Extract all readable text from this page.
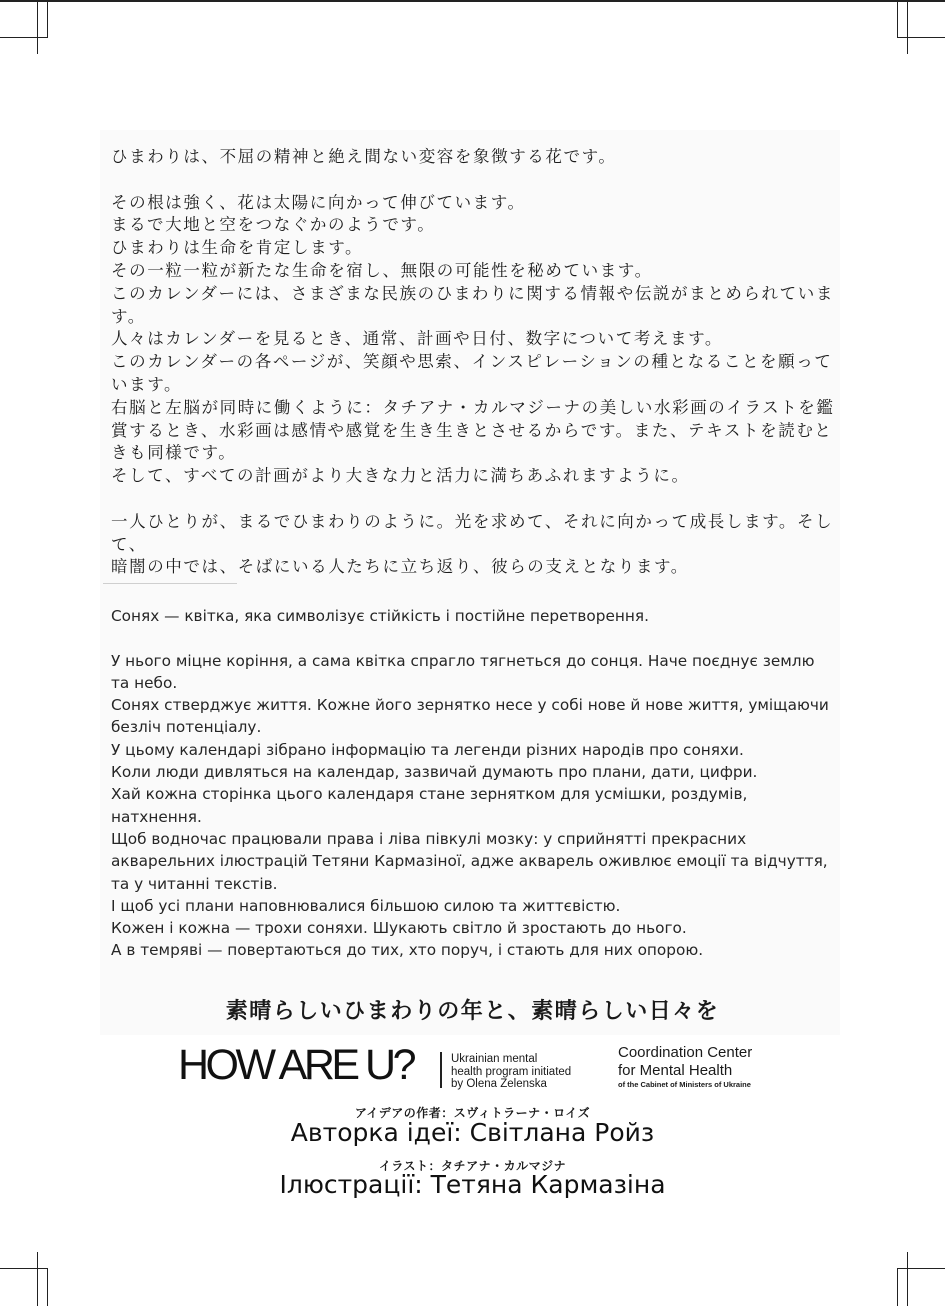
ひまわりは、不屈の精神と絶え間ない変容を象徴する花です。

その根は強く、花は太陽に向かって伸びています。

まるで大地と空をつなぐかのようです。

ひまわりは生命を肯定します。

その一粒一粒が新たな生命を宿し、無限の可能性を秘めています。

このカレンダーには、さまざまな民族のひまわりに関する情報や伝説がまとめられていま

す。

人々はカレンダーを見るとき、通常、計画や日付、数字について考えます。

このカレンダーの各ページが、笑顔や思索、インスピレーションの種となることを願って

います。

右脳と左脳が同時に働くように：タチアナ・カルマジーナの美しい水彩画のイラストを鑑

賞するとき、水彩画は感情や感覚を生き生きとさせるからです。また、テキストを読むと

きも同様です。

そして、すべての計画がより大きな力と活力に満ちあふれますように。

一人ひとりが、まるでひまわりのように。光を求めて、それに向かって成長します。そして、

暗闇の中では、そばにいる人たちに立ち返り、彼らの支えとなります。

Сонях — квітка, яка символізує стійкість і постійне перетворення.

У нього міцне коріння, а сама квітка спрагло тягнеться до сонця. Наче поєднує землю

та небо.

Сонях стверджує життя. Кожне його зернятко несе у собі нове й нове життя, уміщаючи

безліч потенціалу.

У цьому календарі зібрано інформацію та легенди різних народів про соняхи.

Коли люди дивляться на календар, зазвичай думають про плани, дати, цифри.

Хай кожна сторінка цього календаря стане зернятком для усмішки, роздумів,

натхнення.

Щоб водночас працювали права і ліва півкулі мозку: у сприйнятті прекрасних

акварельних ілюстрацій Тетяни Кармазіної, адже акварель оживлює емоції та відчуття,

та у читанні текстів.

І щоб усі плани наповнювалися більшою силою та життєвістю.

Кожен і кожна — трохи соняхи. Шукають світло й зростають до нього.

А в темряві — повертаються до тих, хто поруч, і стають для них опорою.

素晴らしいひまわりの年と、素晴らしい日々を
HOW ARE U?	Ukrainian mental
health program initiated
by Olena Zelenska
Coordination Center
for Mental Health
of the Cabinet of Ministers of Ukraine
アイデアの作者：スヴィトラーナ・ロイズ
Авторка ідеї: Світлана Ройз
イラスト：タチアナ・カルマジナ
Ілюстрації: Тетяна Кармазіна
